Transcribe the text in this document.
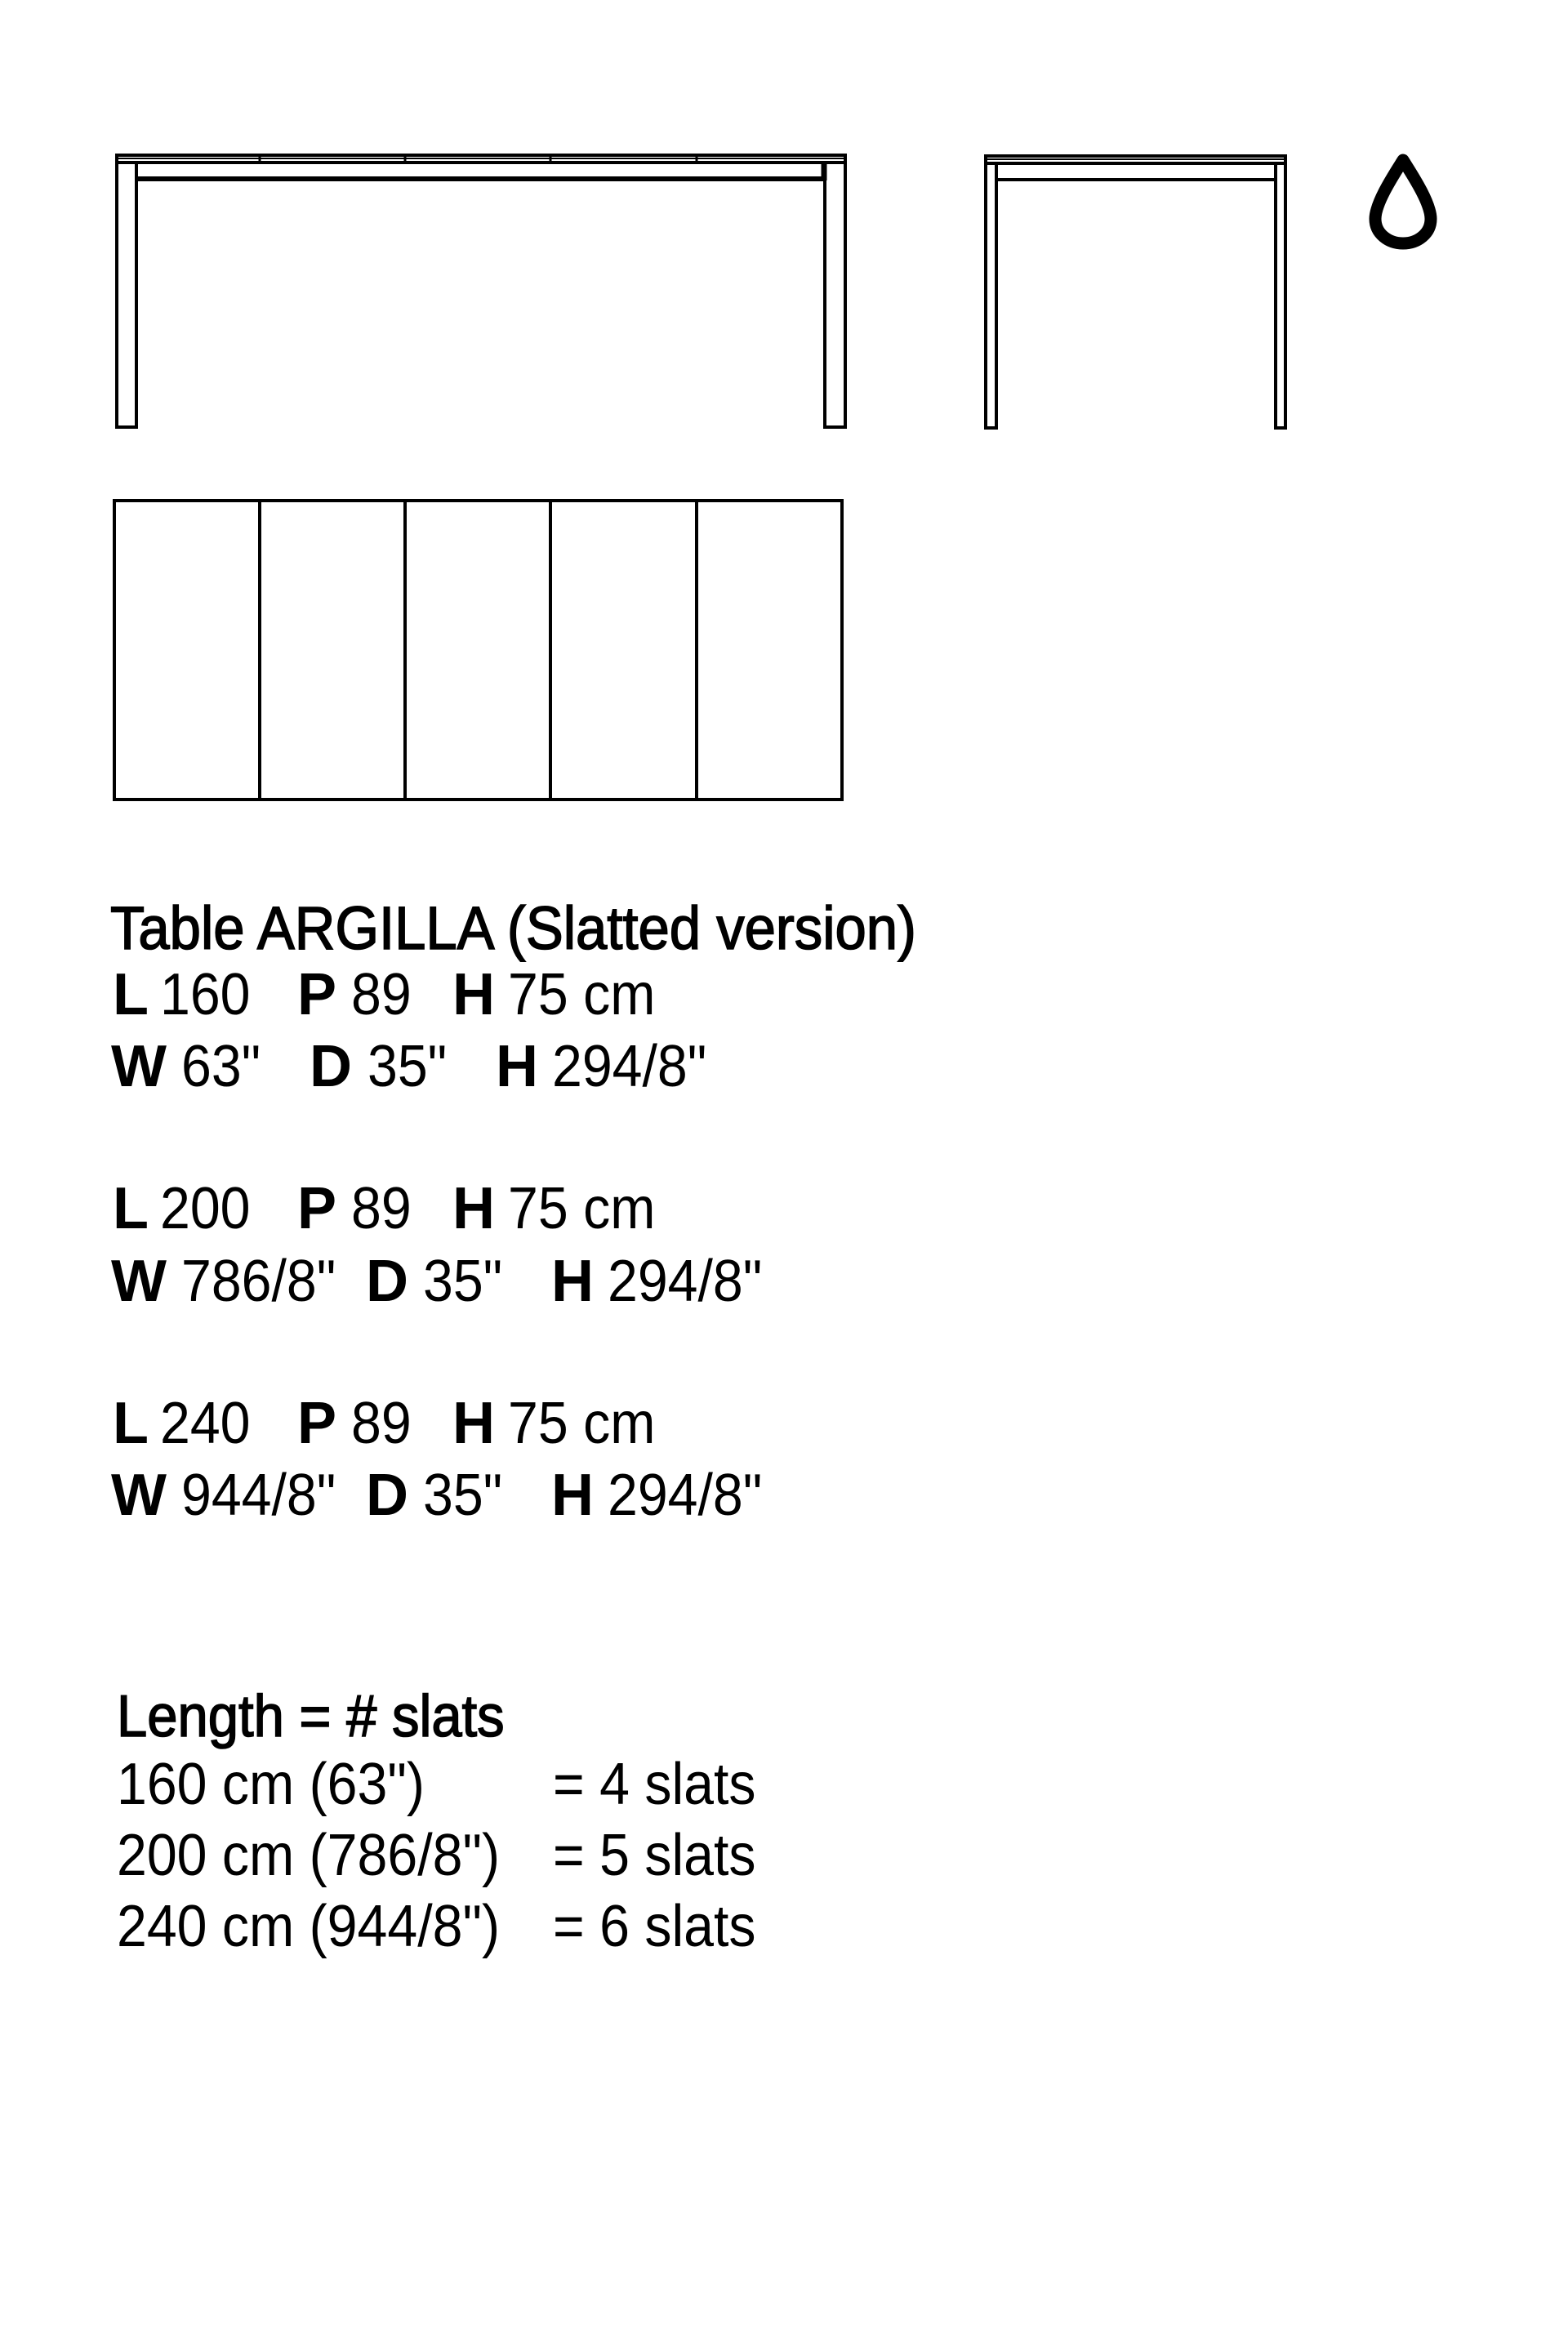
Table ARGILLA (Slatted version)
L 160 P 89 H 75 cm
W 63" D 35" H 294/8"
L 200 P 89 H 75 cm
W 786/8" D 35" H 294/8"
L 240 P 89 H 75 cm
W 944/8" D 35" H 294/8"
Length = # slats
160 cm (63") = 4 slats
200 cm (786/8") = 5 slats
240 cm (944/8") = 6 slats
